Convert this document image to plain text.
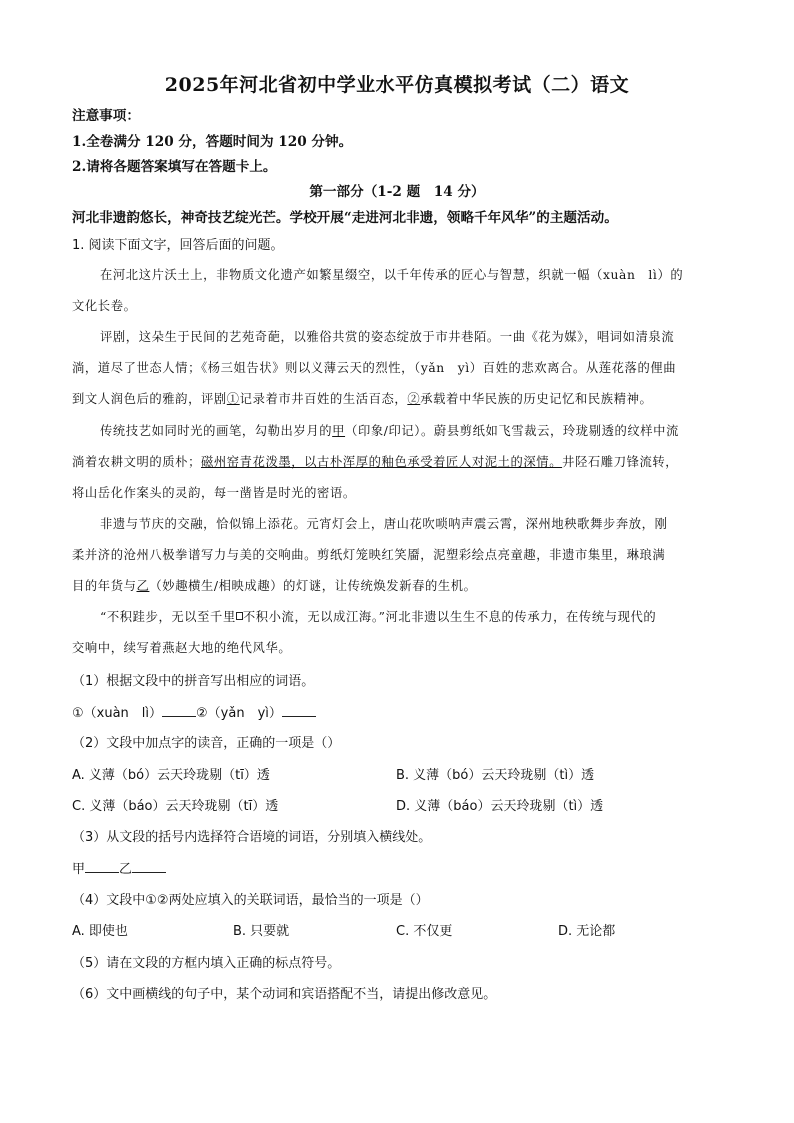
2025年河北省初中学业水平仿真模拟考试（二）语文
注意事项：
1.全卷满分 120 分，答题时间为 120 分钟。
2.请将各题答案填写在答题卡上。
第一部分（1-2 题　14 分）
河北非遗韵悠长，神奇技艺绽光芒。学校开展“走进河北非遗，领略千年风华”的主题活动。
1. 阅读下面文字，回答后面的问题。
在河北这片沃土上，非物质文化遗产如繁星缀空，以千年传承的匠心与智慧，织就一幅（xuàn　lì）的
文化长卷。
评剧，这朵生于民间的艺苑奇葩，以雅俗共赏的姿态绽放于市井巷陌。一曲《花为媒》，唱词如清泉流
淌，道尽了世态人情；《杨三姐告状》则以义薄云天的烈性，（yǎn　yì）百姓的悲欢离合。从莲花落的俚曲
到文人润色后的雅韵，评剧①记录着市井百姓的生活百态，②承载着中华民族的历史记忆和民族精神。
传统技艺如同时光的画笔，勾勒出岁月的甲（印象/印记）。蔚县剪纸如飞雪裁云，玲珑剔透的纹样中流
淌着农耕文明的质朴；磁州窑青花泼墨，以古朴浑厚的釉色承受着匠人对泥土的深情。井陉石雕刀锋流转，
将山岳化作案头的灵韵，每一凿皆是时光的密语。
非遗与节庆的交融，恰似锦上添花。元宵灯会上，唐山花吹唢呐声震云霄，深州地秧歌舞步奔放，刚
柔并济的沧州八极拳谱写力与美的交响曲。剪纸灯笼映红笑靥，泥塑彩绘点亮童趣，非遗市集里，琳琅满
目的年货与乙（妙趣横生/相映成趣）的灯谜，让传统焕发新春的生机。
“不积跬步，无以至千里 不积小流，无以成江海。”河北非遗以生生不息的传承力，在传统与现代的
交响中，续写着燕赵大地的绝代风华。
（1）根据文段中的拼音写出相应的词语。
①（xuàn　lì）	②（yǎn　yì）
（2）文段中加点字的读音，正确的一项是（）
A. 义薄（bó）云天玲珑剔（tī）透	B. 义薄（bó）云天玲珑剔（tì）透
C. 义薄（báo）云天玲珑剔（tī）透	D. 义薄（báo）云天玲珑剔（tì）透
（3）从文段的括号内选择符合语境的词语，分别填入横线处。
甲	乙
（4）文段中①②两处应填入的关联词语，最恰当的一项是（）
A. 即使也	B. 只要就	C. 不仅更	D. 无论都
（5）请在文段的方框内填入正确的标点符号。
（6）文中画横线的句子中，某个动词和宾语搭配不当，请提出修改意见。
